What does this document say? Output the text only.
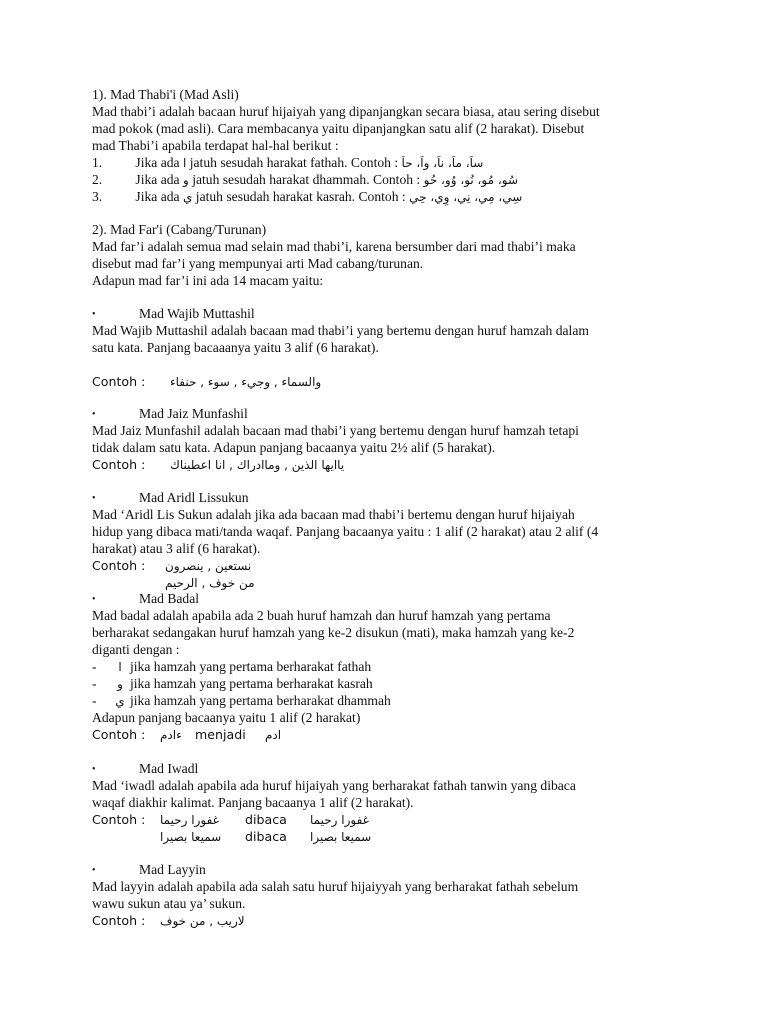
1). Mad Thabi'i (Mad Asli)
Mad thabi’i adalah bacaan huruf hijaiyah yang dipanjangkan secara biasa, atau sering disebut
mad pokok (mad asli). Cara membacanya yaitu dipanjangkan satu alif (2 harakat). Disebut
mad Thabi’i apabila terdapat hal-hal berikut :
1. Jika ada ا jatuh sesudah harakat fathah. Contoh : ساَ، ماَ، ناَ، واَ، حاَ
2. Jika ada و jatuh sesudah harakat dhammah. Contoh : سُو، مُو، نُو، وُو، حُو
3. Jika ada ي jatuh sesudah harakat kasrah. Contoh : سِي، مِي، نِي، وِي، حِي
2). Mad Far'i (Cabang/Turunan)
Mad far’i adalah semua mad selain mad thabi’i, karena bersumber dari mad thabi’i maka
disebut mad far’i yang mempunyai arti Mad cabang/turunan.
Adapun mad far’i ini ada 14 macam yaitu:
•	Mad Wajib Muttashil
Mad Wajib Muttashil adalah bacaan mad thabi’i yang bertemu dengan huruf hamzah dalam
satu kata. Panjang bacaaanya yaitu 3 alif (6 harakat).
Contoh : والسماء , وجيء , سوء , حنفاء
•	Mad Jaiz Munfashil
Mad Jaiz Munfashil adalah bacaan mad thabi’i yang bertemu dengan huruf hamzah tetapi
tidak dalam satu kata. Adapun panjang bacaanya yaitu 2½ alif (5 harakat).
Contoh : ياايها الذين , وماادراك , انا اعطيناك
•	Mad Aridl Lissukun
Mad ‘Aridl Lis Sukun adalah jika ada bacaan mad thabi’i bertemu dengan huruf hijaiyah
hidup yang dibaca mati/tanda waqaf. Panjang bacaanya yaitu : 1 alif (2 harakat) atau 2 alif (4
harakat) atau 3 alif (6 harakat).
Contoh : نستعين , ينصرون
من خوف , الرحيم
•	Mad Badal
Mad badal adalah apabila ada 2 buah huruf hamzah dan huruf hamzah yang pertama
berharakat sedangakan huruf hamzah yang ke-2 disukun (mati), maka hamzah yang ke-2
diganti dengan :
- ا jika hamzah yang pertama berharakat fathah
- و jika hamzah yang pertama berharakat kasrah
- ي jika hamzah yang pertama berharakat dhammah
Adapun panjang bacaanya yaitu 1 alif (2 harakat)
Contoh : ءادم menjadi ادم
•	Mad Iwadl
Mad ‘iwadl adalah apabila ada huruf hijaiyah yang berharakat fathah tanwin yang dibaca
waqaf diakhir kalimat. Panjang bacaanya 1 alif (2 harakat).
Contoh : غفورا رحيما dibaca غفورا رحيما
سميعا بصيرا dibaca سميعا بصيرا
•	Mad Layyin
Mad layyin adalah apabila ada salah satu huruf hijaiyyah yang berharakat fathah sebelum
wawu sukun atau ya’ sukun.
Contoh : لاريب , من خوف
